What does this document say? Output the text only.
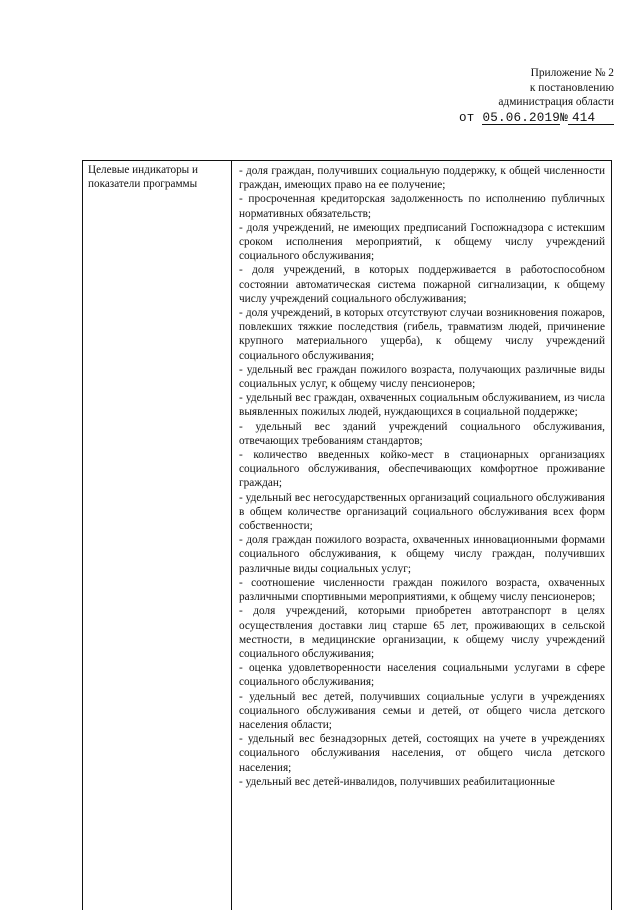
Приложение № 2
к постановлению
администрация области
от 05.06.2019№ 414
Целевые индикаторы и показатели программы

- доля граждан, получивших социальную поддержку, к общей численности граждан, имеющих право на ее получение;

- просроченная кредиторская задолженность по исполнению публичных нормативных обязательств;

- доля учреждений, не имеющих предписаний Госпожнадзора с истекшим сроком исполнения мероприятий, к общему числу учреждений социального обслуживания;

- доля учреждений, в которых поддерживается в работоспособном состоянии автоматическая система пожарной сигнализации, к общему числу учреждений социального обслуживания;

- доля учреждений, в которых отсутствуют случаи возникновения пожаров, повлекших тяжкие последствия (гибель, травматизм людей, причинение крупного материального ущерба), к общему числу учреждений социального обслуживания;

- удельный вес граждан пожилого возраста, получающих различные виды социальных услуг, к общему числу пенсионеров;

- удельный вес граждан, охваченных социальным обслуживанием, из числа выявленных пожилых людей, нуждающихся в социальной поддержке;

- удельный вес зданий учреждений социального обслуживания, отвечающих требованиям стандартов;

- количество введенных койко-мест в стационарных организациях социального обслуживания, обеспечивающих комфортное проживание граждан;

- удельный вес негосударственных организаций социального обслуживания в общем количестве организаций социального обслуживания всех форм собственности;

- доля граждан пожилого возраста, охваченных инновационными формами социального обслуживания, к общему числу граждан, получивших различные виды социальных услуг;

- соотношение численности граждан пожилого возраста, охваченных различными спортивными мероприятиями, к общему числу пенсионеров;

- доля учреждений, которыми приобретен автотранспорт в целях осуществления доставки лиц старше 65 лет, проживающих в сельской местности, в медицинские организации, к общему числу учреждений социального обслуживания;

- оценка удовлетворенности населения социальными услугами в сфере социального обслуживания;

- удельный вес детей, получивших социальные услуги в учреждениях социального обслуживания семьи и детей, от общего числа детского населения области;

- удельный вес безнадзорных детей, состоящих на учете в учреждениях социального обслуживания населения, от общего числа детского населения;

- удельный вес детей-инвалидов, получивших реабилитационные
